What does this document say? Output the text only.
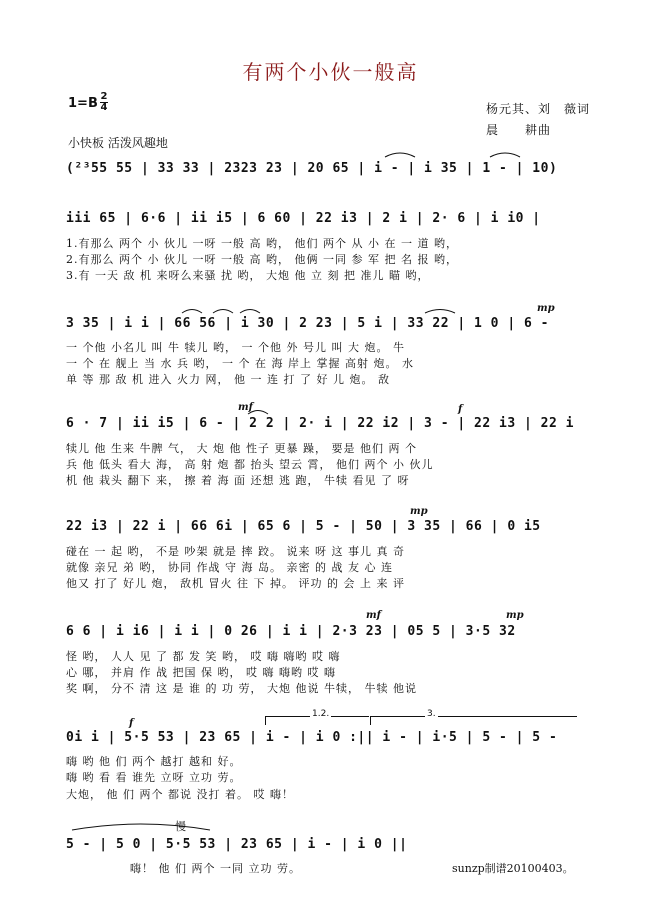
有两个小伙一般高
1=B 2
4	杨元其、刘　薇词
晨　　耕曲
小快板 活泼风趣地
(²³55 55 | 33 33 | 2323 23 | 20 65 | i - | i 35 | 1 - | 10)
iii 65 | 6·6 | ii i5 | 6 60 | 22 i3 | 2 i | 2· 6 | i i0 |
1.有那么 两个 小 伙儿 一呀 一般 高 哟， 他们 两个 从 小 在 一 道 哟，
2.有那么 两个 小 伙儿 一呀 一般 高 哟， 他俩 一同 参 军 把 名 报 哟，
3.有 一天 敌 机 来呀么来骚 扰 哟， 大炮 他 立 刻 把 准儿 瞄 哟，
mp
3 35 | i i | 66 56 | i 30 | 2 23 | 5 i | 33 22 | 1 0 | 6 -
一 个他 小名儿 叫 牛 犊儿 哟， 一 个他 外 号儿 叫 大 炮。 牛
一 个 在 舰上 当 水 兵 哟， 一 个 在 海 岸上 掌握 高射 炮。 水
单 等 那 敌 机 进入 火力 网， 他 一 连 打 了 好 儿 炮。 敌
mf	f
6 · 7 | ii i5 | 6 - | 2 2 | 2· i | 22 i2 | 3 - | 22 i3 | 22 i
犊儿 他 生来 牛脾 气， 大 炮 他 性子 更暴 躁， 要是 他们 两 个
兵 他 低头 看大 海， 高 射 炮 都 抬头 望云 霄， 他们 两个 小 伙儿
机 他 栽头 翻下 来， 擦 着 海 面 还想 逃 跑， 牛犊 看见 了 呀
mp
22 i3 | 22 i | 66 6i | 65 6 | 5 - | 50 | 3 35 | 66 | 0 i5
碰在 一 起 哟， 不是 吵架 就是 摔 跤。 说来 呀 这 事儿 真 奇
就像 亲兄 弟 哟， 协同 作战 守 海 岛。 亲密 的 战 友 心 连
他又 打了 好儿 炮， 敌机 冒火 往 下 掉。 评功 的 会 上 来 评
mf	mp
6 6 | i i6 | i i | 0 26 | i i | 2·3 23 | 05 5 | 3·5 32
怪 哟， 人人 见 了 都 发 笑 哟， 哎 嗨 嗨哟 哎 嗨
心 哪， 并肩 作 战 把国 保 哟， 哎 嗨 嗨哟 哎 嗨
奖 啊， 分不 清 这 是 谁 的 功 劳， 大炮 他说 牛犊， 牛犊 他说
1.2.	3.
f
0i i | 5·5 53 | 23 65 | i - | i 0 :|| i - | i·5 | 5 - | 5 -
嗨 哟 他 们 两个 越打 越和 好。
嗨 哟 看 看 谁先 立呀 立功 劳。
大炮， 他 们 两个 都说 没打 着。 哎 嗨！
慢
5 - | 5 0 | 5·5 53 | 23 65 | i - | i 0 ||
嗨！ 他 们 两个 一同 立功 劳。	sunzp制谱20100403。
